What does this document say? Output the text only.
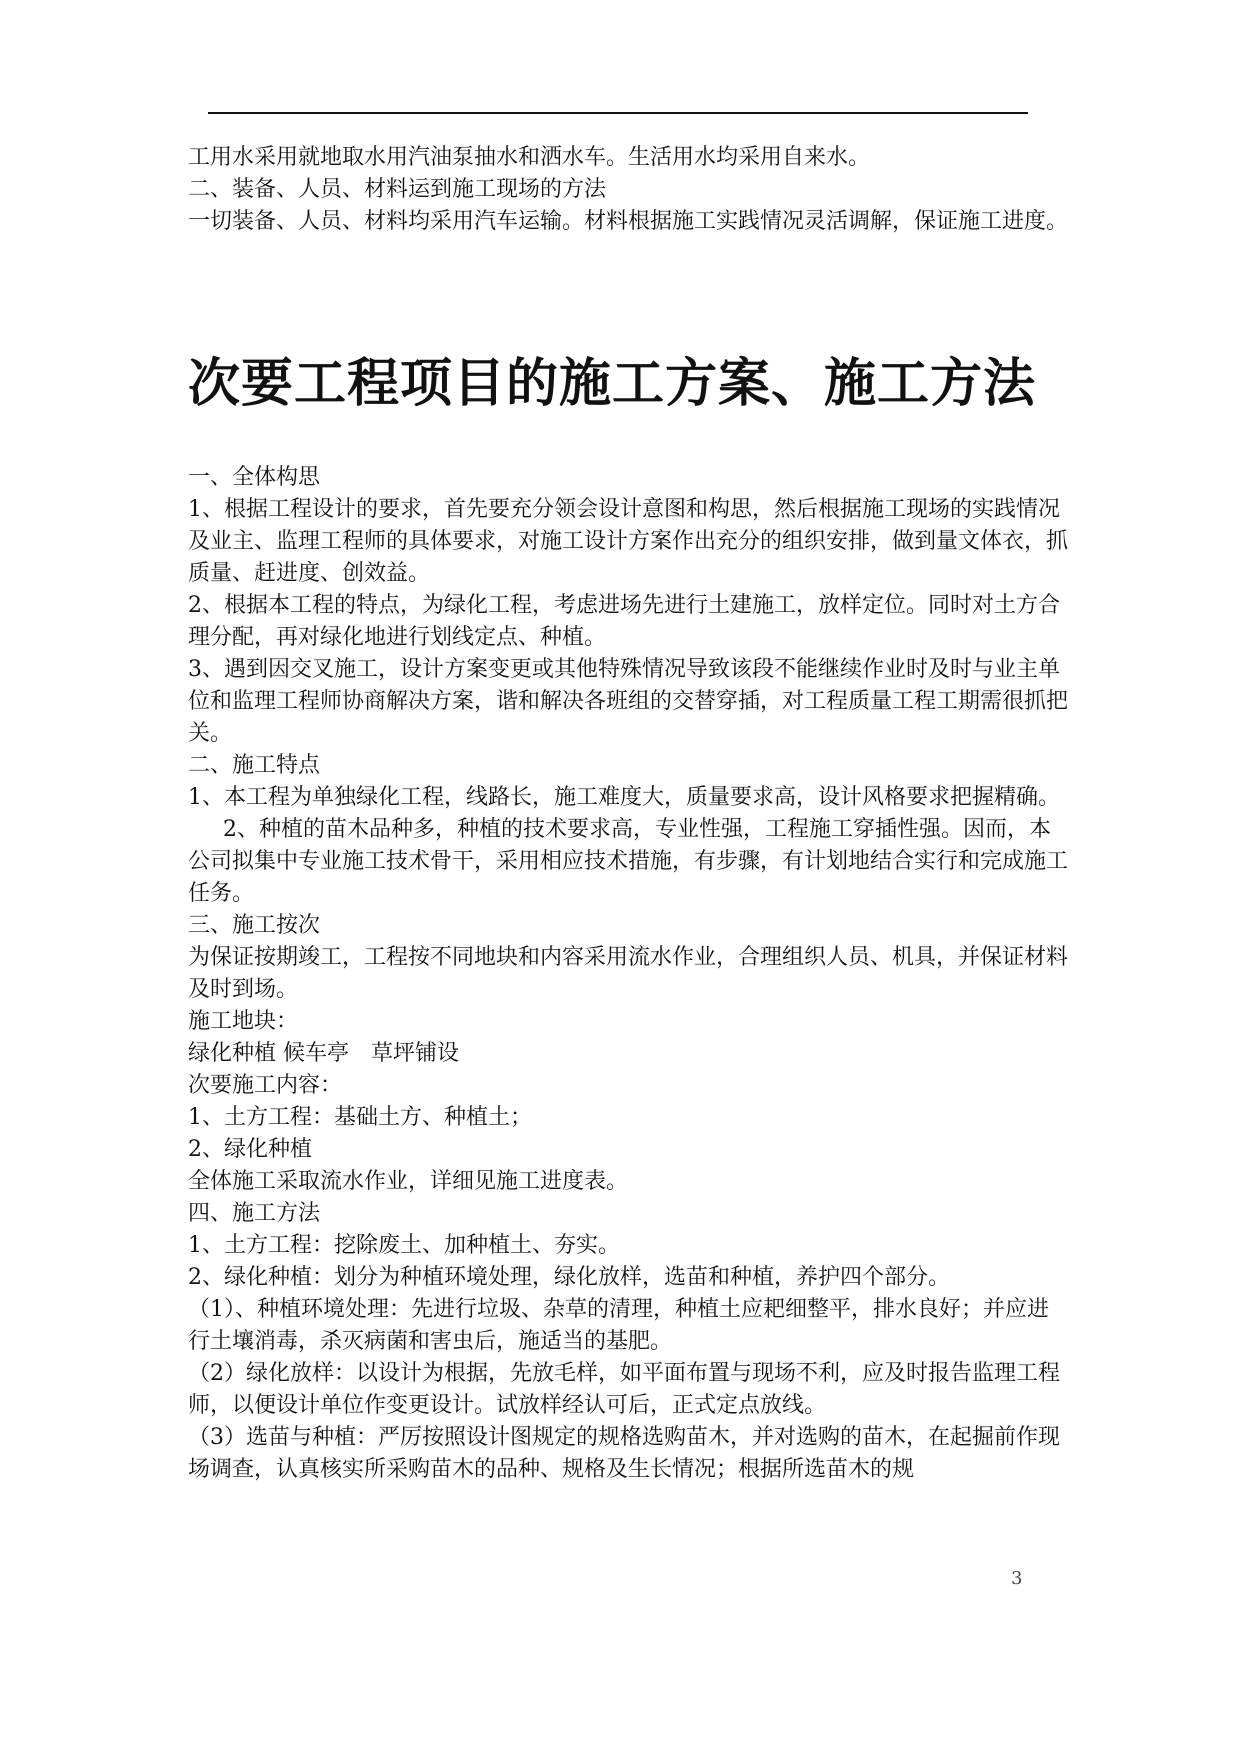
工用水采用就地取水用汽油泵抽水和洒水车。生活用水均采用自来水。

二、装备、人员、材料运到施工现场的方法

一切装备、人员、材料均采用汽车运输。材料根据施工实践情况灵活调解，保证施工进度。

次要工程项目的施工方案、施工方法

一、全体构思

1、根据工程设计的要求，首先要充分领会设计意图和构思，然后根据施工现场的实践情况及业主、监理工程师的具体要求，对施工设计方案作出充分的组织安排，做到量文体衣，抓质量、赶进度、创效益。

2、根据本工程的特点，为绿化工程，考虑进场先进行土建施工，放样定位。同时对土方合理分配，再对绿化地进行划线定点、种植。

3、遇到因交叉施工，设计方案变更或其他特殊情况导致该段不能继续作业时及时与业主单位和监理工程师协商解决方案，谐和解决各班组的交替穿插，对工程质量工程工期需很抓把关。

二、施工特点

1、本工程为单独绿化工程，线路长，施工难度大，质量要求高，设计风格要求把握精确。

2、种植的苗木品种多，种植的技术要求高，专业性强，工程施工穿插性强。因而，本公司拟集中专业施工技术骨干，采用相应技术措施，有步骤，有计划地结合实行和完成施工任务。

三、施工按次

为保证按期竣工，工程按不同地块和内容采用流水作业，合理组织人员、机具，并保证材料及时到场。

施工地块：

绿化种植 候车亭　草坪铺设

次要施工内容：

1、土方工程：基础土方、种植土；

2、绿化种植

全体施工采取流水作业，详细见施工进度表。

四、施工方法

1、土方工程：挖除废土、加种植土、夯实。

2、绿化种植：划分为种植环境处理，绿化放样，选苗和种植，养护四个部分。

（1）、种植环境处理：先进行垃圾、杂草的清理，种植土应耙细整平，排水良好；并应进行土壤消毒，杀灭病菌和害虫后，施适当的基肥。

（2）绿化放样：以设计为根据，先放毛样，如平面布置与现场不利，应及时报告监理工程师，以便设计单位作变更设计。试放样经认可后，正式定点放线。

（3）选苗与种植：严厉按照设计图规定的规格选购苗木，并对选购的苗木，在起掘前作现场调查，认真核实所采购苗木的品种、规格及生长情况；根据所选苗木的规

3
